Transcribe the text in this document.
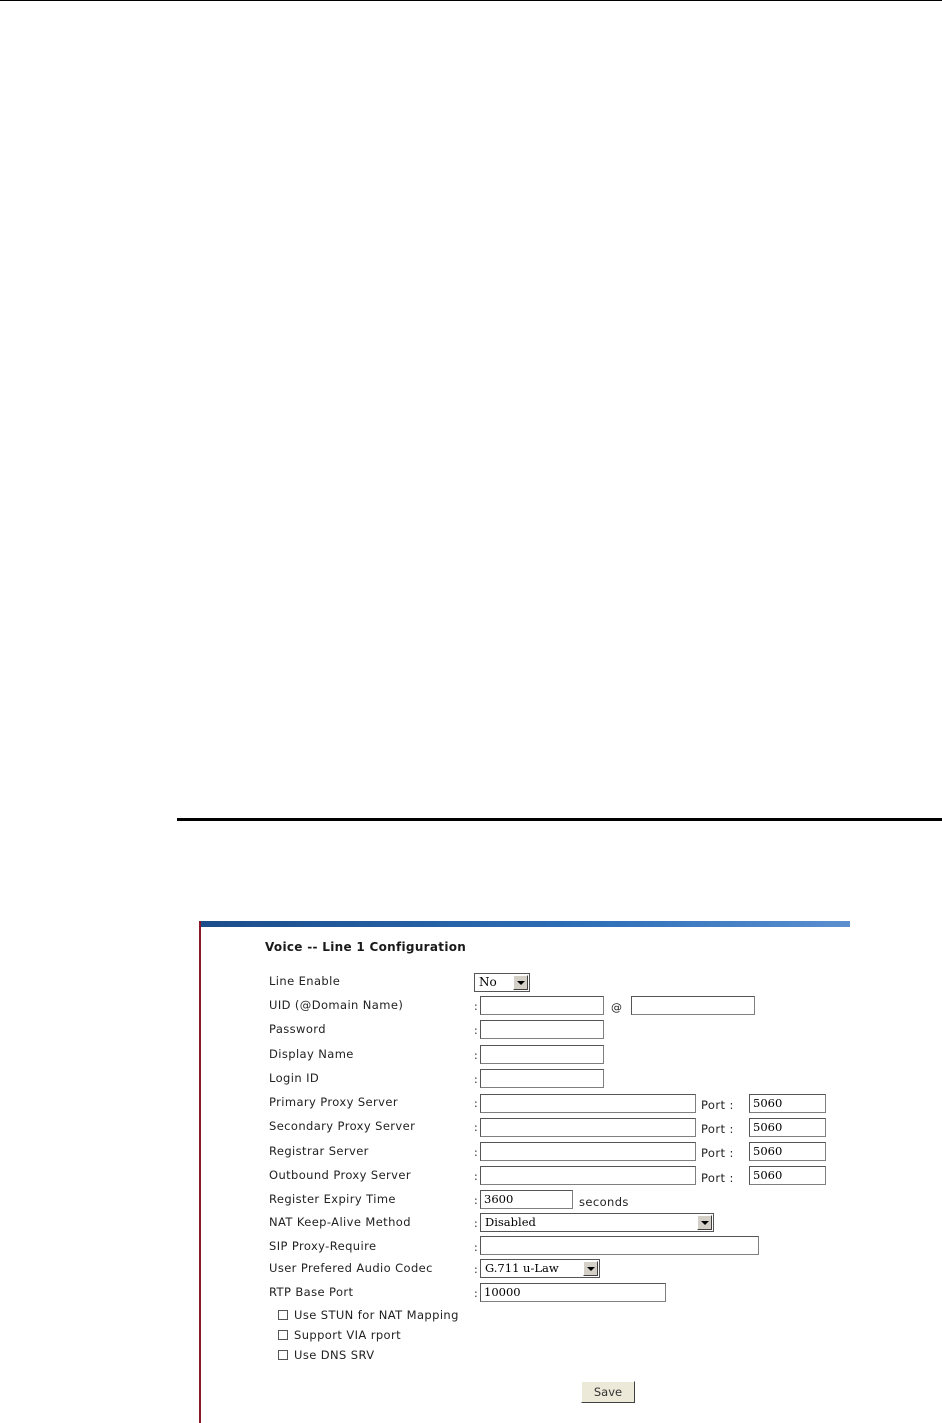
Voice -- Line 1 Configuration
Line Enable	No
UID (@Domain Name)	:	@
Password	:
Display Name	:
Login ID	:
Primary Proxy Server	:	Port :	5060
Secondary Proxy Server	:	Port :	5060
Registrar Server	:	Port :	5060
Outbound Proxy Server	:	Port :	5060
Register Expiry Time	: 3600	seconds
NAT Keep-Alive Method	: Disabled
SIP Proxy-Require	:
User Prefered Audio Codec	: G.711 u-Law
RTP Base Port	: 10000
Use STUN for NAT Mapping
Support VIA rport
Use DNS SRV
Save
